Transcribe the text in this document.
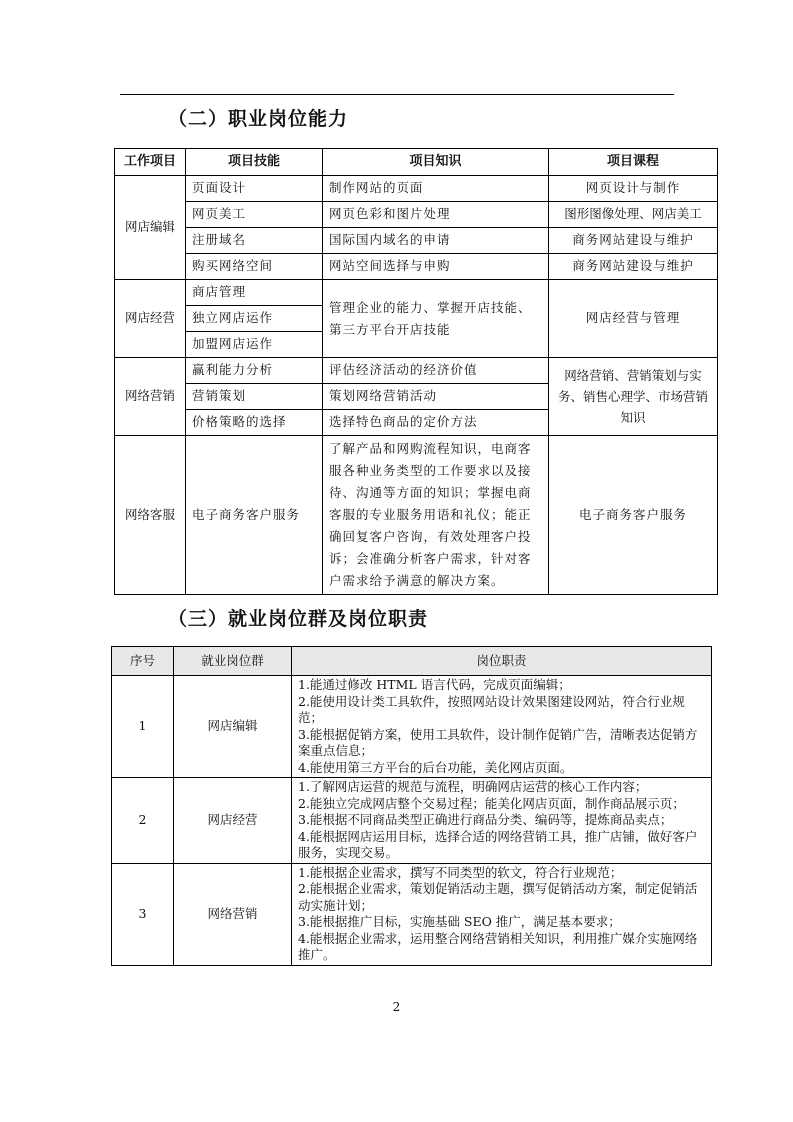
（二）职业岗位能力
工作项目	项目技能	项目知识	项目课程
网店编辑	页面设计	制作网站的页面	网页设计与制作
	网页美工	网页色彩和图片处理	图形图像处理、网店美工
	注册域名	国际国内域名的申请	商务网站建设与维护
	购买网络空间	网站空间选择与申购	商务网站建设与维护
网店经营	商店管理	管理企业的能力、掌握开店技能、第三方平台开店技能	网店经营与管理
	独立网店运作		
	加盟网店运作		
网络营销	赢利能力分析	评估经济活动的经济价值	网络营销、营销策划与实务、销售心理学、市场营销知识
	营销策划	策划网络营销活动	
	价格策略的选择	选择特色商品的定价方法	
网络客服	电子商务客户服务	了解产品和网购流程知识，电商客服各种业务类型的工作要求以及接待、沟通等方面的知识；掌握电商客服的专业服务用语和礼仪；能正确回复客户咨询，有效处理客户投诉；会准确分析客户需求，针对客户需求给予满意的解决方案。	电子商务客户服务
（三）就业岗位群及岗位职责
序号	就业岗位群	岗位职责
1	网店编辑	1.能通过修改 HTML 语言代码，完成页面编辑；
2.能使用设计类工具软件，按照网站设计效果图建设网站，符合行业规范；
3.能根据促销方案，使用工具软件，设计制作促销广告，清晰表达促销方案重点信息；
4.能使用第三方平台的后台功能，美化网店页面。

2	网店经营	1.了解网店运营的规范与流程，明确网店运营的核心工作内容；
2.能独立完成网店整个交易过程；能美化网店页面，制作商品展示页；
3.能根据不同商品类型正确进行商品分类、编码等，提炼商品卖点；
4.能根据网店运用目标，选择合适的网络营销工具，推广店铺，做好客户服务，实现交易。

3	网络营销	1.能根据企业需求，撰写不同类型的软文，符合行业规范；
2.能根据企业需求，策划促销活动主题，撰写促销活动方案，制定促销活动实施计划；
3.能根据推广目标，实施基础 SEO 推广，满足基本要求；
4.能根据企业需求，运用整合网络营销相关知识，利用推广媒介实施网络推广。
2
